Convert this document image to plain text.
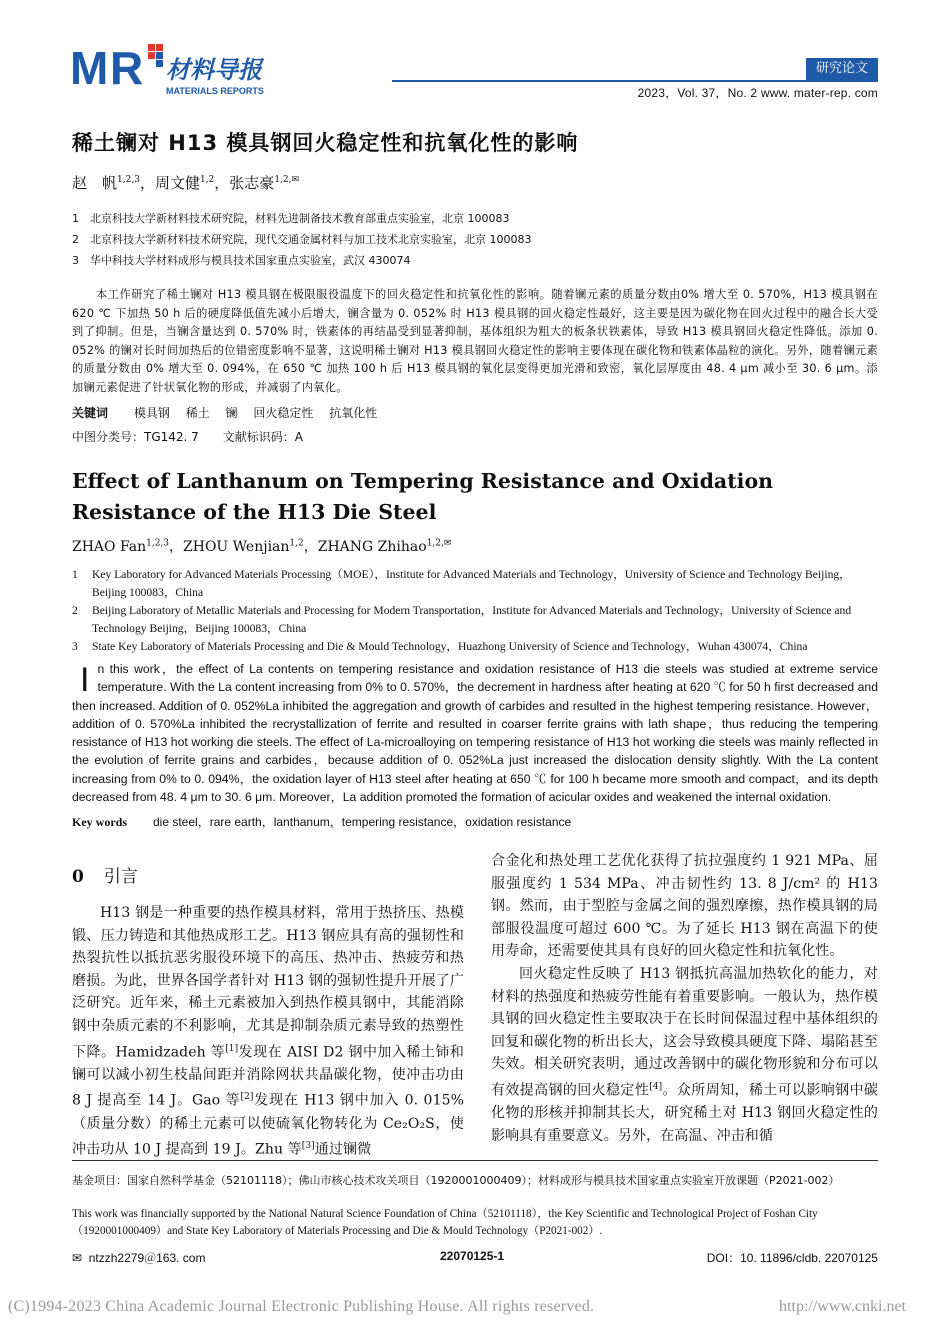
M R 材料导报
MATERIALS REPORTS
研究论文
2023，Vol. 37，No. 2 www. mater-rep. com
稀土镧对 H13 模具钢回火稳定性和抗氧化性的影响
赵　帆$^{1,2,3}$，周文健$^{1,2}$，张志豪$^{1,2,✉}$
1 北京科技大学新材料技术研究院，材料先进制备技术教育部重点实验室，北京 100083
2 北京科技大学新材料技术研究院，现代交通金属材料与加工技术北京实验室，北京 100083
3 华中科技大学材料成形与模具技术国家重点实验室，武汉 430074
本工作研究了稀土镧对 H13 模具钢在极限服役温度下的回火稳定性和抗氧化性的影响。随着镧元素的质量分数由0% 增大至 0. 570%，H13 模具钢在 620 ℃ 下加热 50 h 后的硬度降低值先减小后增大，镧含量为 0. 052% 时 H13 模具钢的回火稳定性最好，这主要是因为碳化物在回火过程中的融合长大受到了抑制。但是，当镧含量达到 0. 570% 时，铁素体的再结晶受到显著抑制，基体组织为粗大的板条状铁素体，导致 H13 模具钢回火稳定性降低。添加 0. 052% 的镧对长时间加热后的位错密度影响不显著，这说明稀土镧对 H13 模具钢回火稳定性的影响主要体现在碳化物和铁素体晶粒的演化。另外，随着镧元素的质量分数由 0% 增大至 0. 094%，在 650 ℃ 加热 100 h 后 H13 模具钢的氧化层变得更加光滑和致密，氧化层厚度由 48. 4 μm 减小至 30. 6 μm。添加镧元素促进了针状氧化物的形成，并减弱了内氧化。
关键词 模具钢 稀土 镧 回火稳定性 抗氧化性
中图分类号：TG142. 7　　文献标识码：A
Effect of Lanthanum on Tempering Resistance and Oxidation Resistance of the H13 Die Steel
ZHAO Fan$^{1,2,3}$，ZHOU Wenjian$^{1,2}$，ZHANG Zhihao$^{1,2,✉}$
1	Key Laboratory for Advanced Materials Processing（MOE），Institute for Advanced Materials and Technology，University of Science and Technology Beijing，Beijing 100083，China
2	Beijing Laboratory of Metallic Materials and Processing for Modern Transportation，Institute for Advanced Materials and Technology，University of Science and Technology Beijing，Beijing 100083，China
3	State Key Laboratory of Materials Processing and Die & Mould Technology，Huazhong University of Science and Technology，Wuhan 430074，China
In this work，the effect of La contents on tempering resistance and oxidation resistance of H13 die steels was studied at extreme service temperature. With the La content increasing from 0% to 0. 570%，the decrement in hardness after heating at 620 ℃ for 50 h first decreased and then increased. Addition of 0. 052%La inhibited the aggregation and growth of carbides and resulted in the highest tempering resistance. However，addition of 0. 570%La inhibited the recrystallization of ferrite and resulted in coarser ferrite grains with lath shape，thus reducing the tempering resistance of H13 hot working die steels. The effect of La-microalloying on tempering resistance of H13 hot working die steels was mainly reflected in the evolution of ferrite grains and carbides，because addition of 0. 052%La just increased the dislocation density slightly. With the La content increasing from 0% to 0. 094%，the oxidation layer of H13 steel after heating at 650 ℃ for 100 h became more smooth and compact，and its depth decreased from 48. 4 μm to 30. 6 μm. Moreover，La addition promoted the formation of acicular oxides and weakened the internal oxidation.
Key words die steel，rare earth，lanthanum，tempering resistance，oxidation resistance
0 引言

H13 钢是一种重要的热作模具材料，常用于热挤压、热模锻、压力铸造和其他热成形工艺。H13 钢应具有高的强韧性和热裂抗性以抵抗恶劣服役环境下的高压、热冲击、热疲劳和热磨损。为此，世界各国学者针对 H13 钢的强韧性提升开展了广泛研究。近年来，稀土元素被加入到热作模具钢中，其能消除钢中杂质元素的不利影响，尤其是抑制杂质元素导致的热塑性下降。Hamidzadeh 等[1]发现在 AISI D2 钢中加入稀土铈和镧可以减小初生枝晶间距并消除网状共晶碳化物，使冲击功由 8 J 提高至 14 J。Gao 等[2]发现在 H13 钢中加入 0. 015%（质量分数）的稀土元素可以使硫氧化物转化为 Ce₂O₂S，使冲击功从 10 J 提高到 19 J。Zhu 等[3]通过镧微

合金化和热处理工艺优化获得了抗拉强度约 1 921 MPa、屈服强度约 1 534 MPa、冲击韧性约 13. 8 J/cm² 的 H13 钢。然而，由于型腔与金属之间的强烈摩擦，热作模具钢的局部服役温度可超过 600 ℃。为了延长 H13 钢在高温下的使用寿命，还需要使其具有良好的回火稳定性和抗氧化性。

回火稳定性反映了 H13 钢抵抗高温加热软化的能力，对材料的热强度和热疲劳性能有着重要影响。一般认为，热作模具钢的回火稳定性主要取决于在长时间保温过程中基体组织的回复和碳化物的析出长大，这会导致模具硬度下降、塌陷甚至失效。相关研究表明，通过改善钢中的碳化物形貌和分布可以有效提高钢的回火稳定性[4]。众所周知，稀土可以影响钢中碳化物的形核并抑制其长大，研究稀土对 H13 钢回火稳定性的影响具有重要意义。另外，在高温、冲击和循

基金项目：国家自然科学基金（52101118）；佛山市核心技术攻关项目（1920001000409）；材料成形与模具技术国家重点实验室开放课题（P2021-002）
This work was financially supported by the National Natural Science Foundation of China（52101118），the Key Scientific and Technological Project of Foshan City（1920001000409）and State Key Laboratory of Materials Processing and Die & Mould Technology（P2021-002）.
✉ ntzzh2279＠163. com	22070125-1	DOI：10. 11896/cldb. 22070125
(C)1994-2023 China Academic Journal Electronic Publishing House. All rights reserved.	http://www.cnki.net
